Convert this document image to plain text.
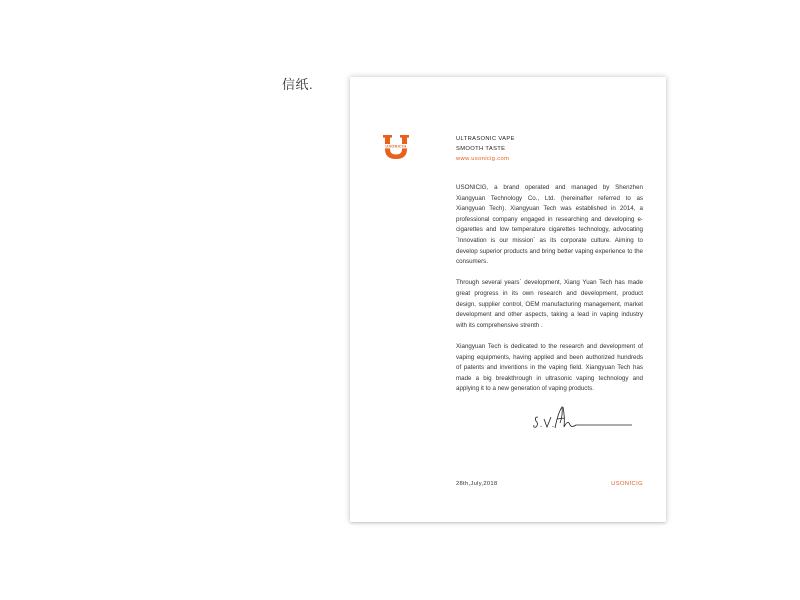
信纸.
USONICIG
ULTRASONIC VAPE
SMOOTH TASTE
www.usonicig.com

USONICIG, a brand operated and managed by Shenzhen Xiangyuan Technology Co., Ltd. (hereinafter referred to as Xiangyuan Tech). Xiangyuan Tech was established in 2014, a professional company engaged in researching and developing e-cigarettes and low temperature cigarettes technology, advocating `Innovation is our mission` as its corporate culture. Aiming to develop superior products and bring better vaping experience to the consumers.

Through several years` development, Xiang Yuan Tech has made great progress in its own research and development, product design, supplier control, OEM manufacturing management, market development and other aspects, taking a lead in vaping industry with its comprehensive strenth .

Xiangyuan Tech is dedicated to the research and development of vaping equipments, having applied and been authorized hundreds of patents and inventions in the vaping field. Xiangyuan Tech has made a big breakthrough in ultrasonic vaping technology and applying it to a new generation of vaping products.

28th,July,2018	USONICIG
